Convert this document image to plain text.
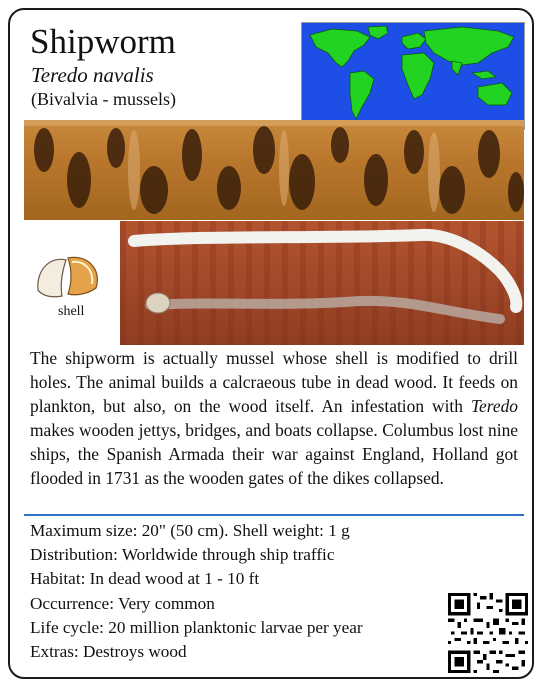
Shipworm
Teredo navalis
(Bivalvia - mussels)
shell
The shipworm is actually mussel whose shell is modified to drill holes. The animal builds a calcraeous tube in dead wood. It feeds on plankton, but also, on the wood itself. An infestation with Teredo makes wooden jettys, bridges, and boats collapse. Columbus lost nine ships, the Spanish Armada their war against England, Holland got flooded in 1731 as the wooden gates of the dikes collapsed.
Maximum size: 20" (50 cm). Shell weight: 1 g
Distribution: Worldwide through ship traffic
Habitat: In dead wood at 1 - 10 ft
Occurrence: Very common
Life cycle: 20 million planktonic larvae per year
Extras: Destroys wood
